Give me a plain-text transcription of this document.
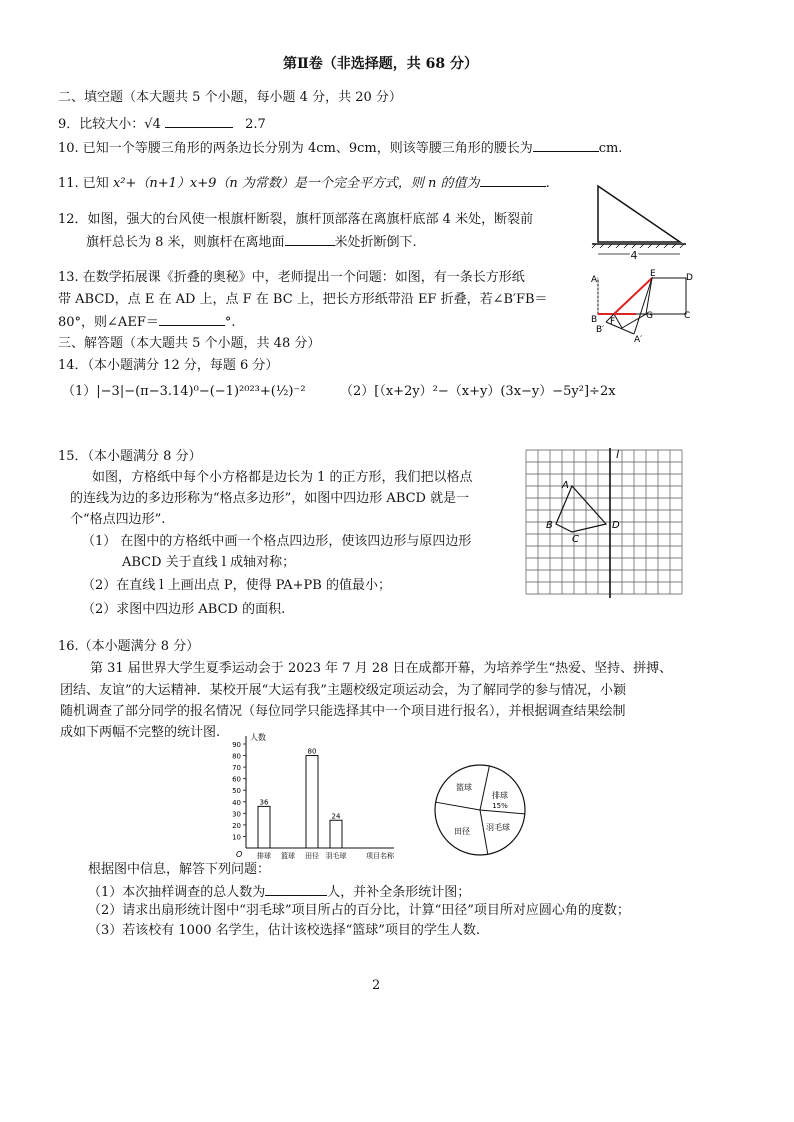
第Ⅱ卷（非选择题，共 68 分）
二、填空题（本大题共 5 个小题，每小题 4 分，共 20 分）
9．比较大小：√4	2.7
10. 已知一个等腰三角形的两条边长分别为 4cm、9cm，则该等腰三角形的腰长为	cm.
11. 已知 x²+（n+1）x+9（n 为常数）是一个完全平方式，则 n 的值为	.
12．如图，强大的台风使一根旗杆断裂，旗杆顶部落在离旗杆底部 4 米处，断裂前
旗杆总长为 8 米，则旗杆在离地面	米处折断倒下.
4
13. 在数学拓展课《折叠的奥秘》中，老师提出一个问题：如图，有一条长方形纸
带 ABCD，点 E 在 AD 上，点 F 在 BC 上，把长方形纸带沿 EF 折叠，若∠B′FB＝
80°，则∠AEF＝	°.
A
E	D
B F
G	C
B′
A′
三、解答题（本大题共 5 个小题，共 48 分）
14．（本小题满分 12 分，每题 6 分）
（1）|−3|−(π−3.14)⁰−(−1)²⁰²³+(½)⁻²	（2）[（x+2y）²−（x+y）(3x−y）−5y²]÷2x
15．（本小题满分 8 分）
如图，方格纸中每个小方格都是边长为 1 的正方形，我们把以格点
的连线为边的多边形称为“格点多边形”，如图中四边形 ABCD 就是一
个“格点四边形”.
（1） 在图中的方格纸中画一个格点四边形，使该四边形与原四边形
ABCD 关于直线 l 成轴对称；
（2）在直线 l 上画出点 P，使得 PA+PB 的值最小；
（2）求图中四边形 ABCD 的面积.
l
A
B
C
D
16.（本小题满分 8 分）
第 31 届世界大学生夏季运动会于 2023 年 7 月 28 日在成都开幕，为培养学生“热爱、坚持、拼搏、
团结、友谊”的大运精神．某校开展“大运有我”主题校级定项运动会，为了解同学的参与情况，小颖
随机调查了部分同学的报名情况（每位同学只能选择其中一个项目进行报名），并根据调查结果绘制
成如下两幅不完整的统计图.
10
20
30
40
50
60
70
80
90
人数
O	项目名称
排球
36
篮球 田径
80
羽毛球
24
篮球
排球
15%
羽毛球
田径
根据图中信息，解答下列问题：
（1）本次抽样调查的总人数为	人，并补全条形统计图；
（2）请求出扇形统计图中“羽毛球”项目所占的百分比，计算“田径”项目所对应圆心角的度数；
（3）若该校有 1000 名学生，估计该校选择“篮球”项目的学生人数.
2
